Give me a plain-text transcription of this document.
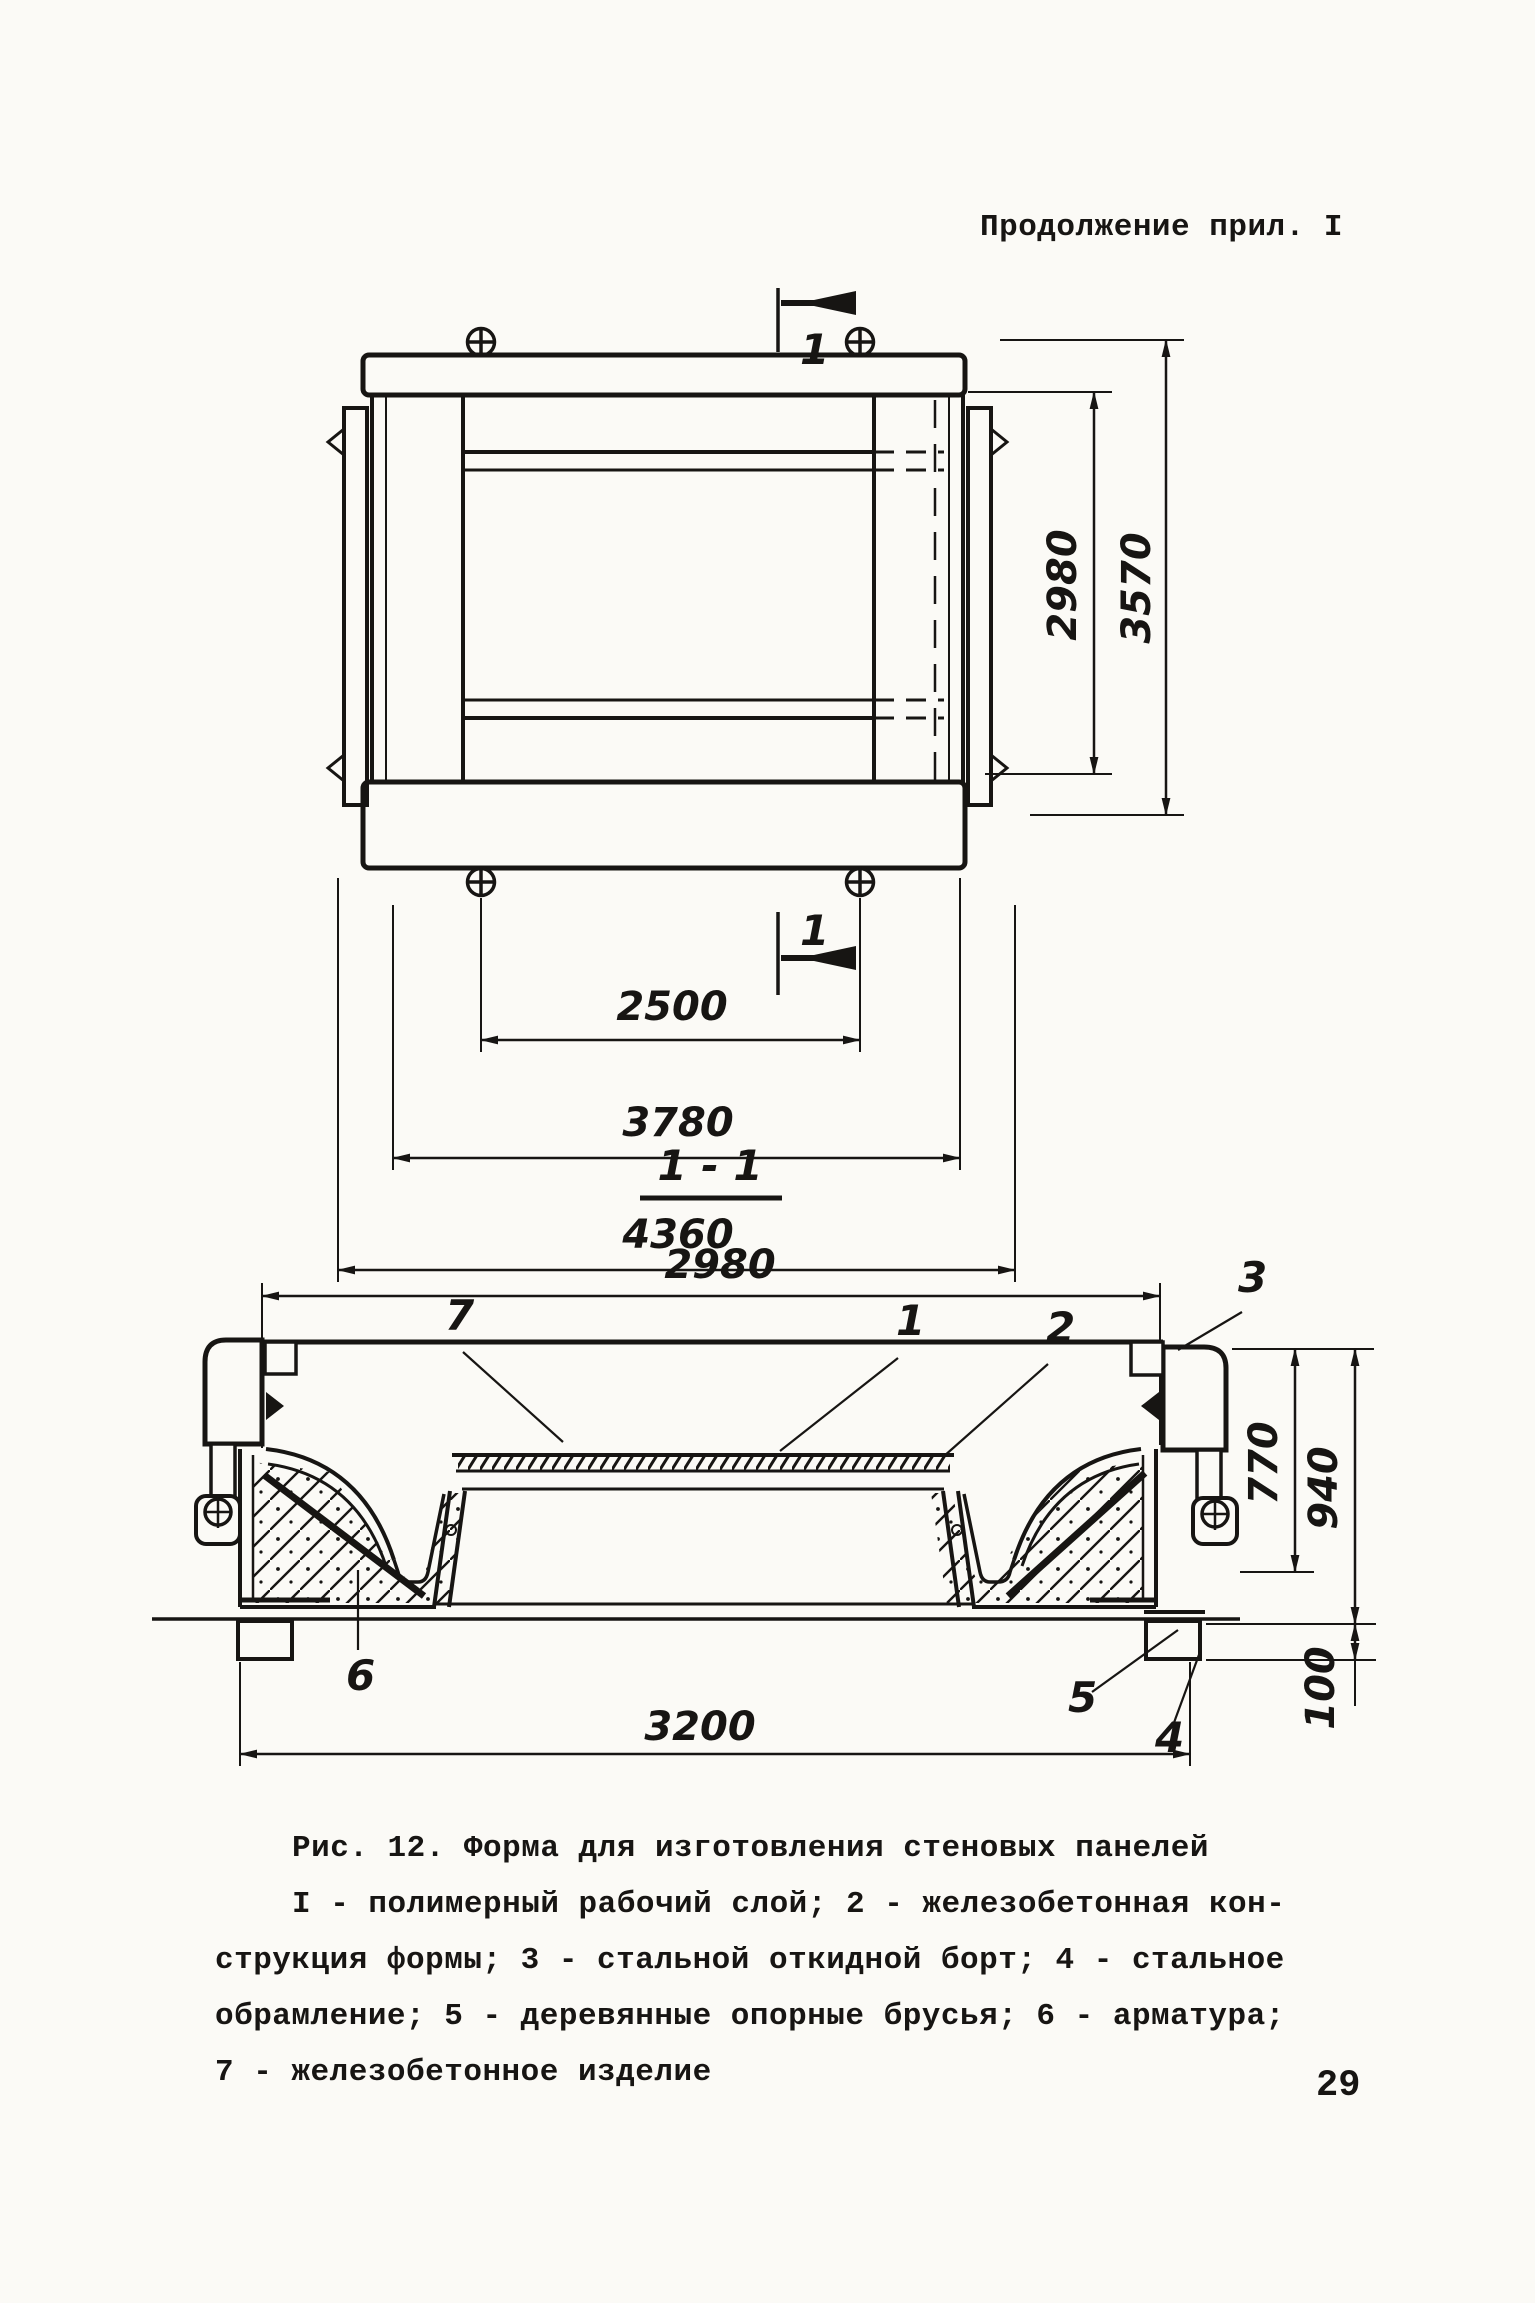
Продолжение прил. I
1
1
2500
3780
4360
2980 3570
1 - 1
2980
3200
770 940
100
7	1	2
3
6	5
4
Рис. 12. Форма для изготовления стеновых панелей
I - полимерный рабочий слой; 2 - железобетонная кон-
струкция формы; 3 - стальной откидной борт; 4 - стальное
обрамление; 5 - деревянные опорные брусья; 6 - арматура;
7 - железобетонное изделие	29
